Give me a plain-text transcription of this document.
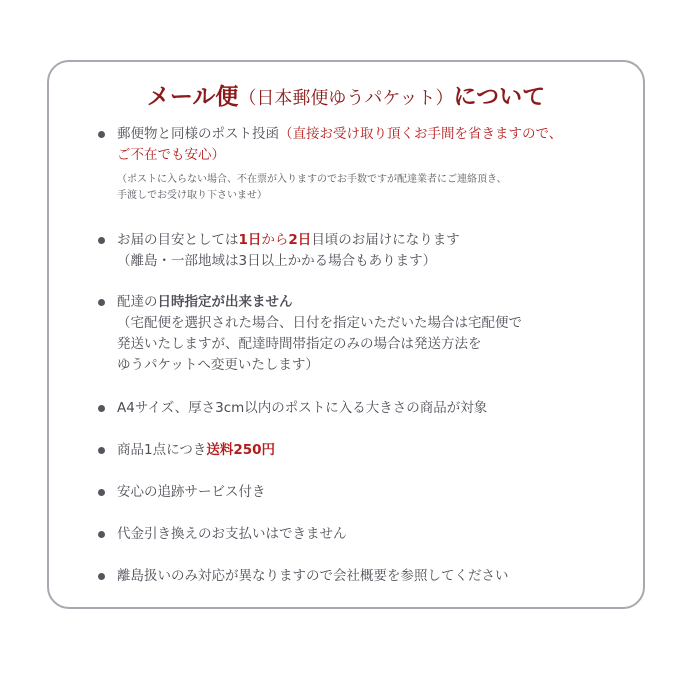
メール便（日本郵便ゆうパケット）について
郵便物と同様のポスト投函（直接お受け取り頂くお手間を省きますので、
ご不在でも安心）
（ポストに入らない場合、不在票が入りますのでお手数ですが配達業者にご連絡頂き、
手渡しでお受け取り下さいませ）
お届の目安としては1日から2日目頃のお届けになります
（離島・一部地域は3日以上かかる場合もあります）
配達の日時指定が出来ません
（宅配便を選択された場合、日付を指定いただいた場合は宅配便で
発送いたしますが、配達時間帯指定のみの場合は発送方法を
ゆうパケットへ変更いたします）
A4サイズ、厚さ3cm以内のポストに入る大きさの商品が対象
商品1点につき送料250円
安心の追跡サービス付き
代金引き換えのお支払いはできません
離島扱いのみ対応が異なりますので会社概要を参照してください
